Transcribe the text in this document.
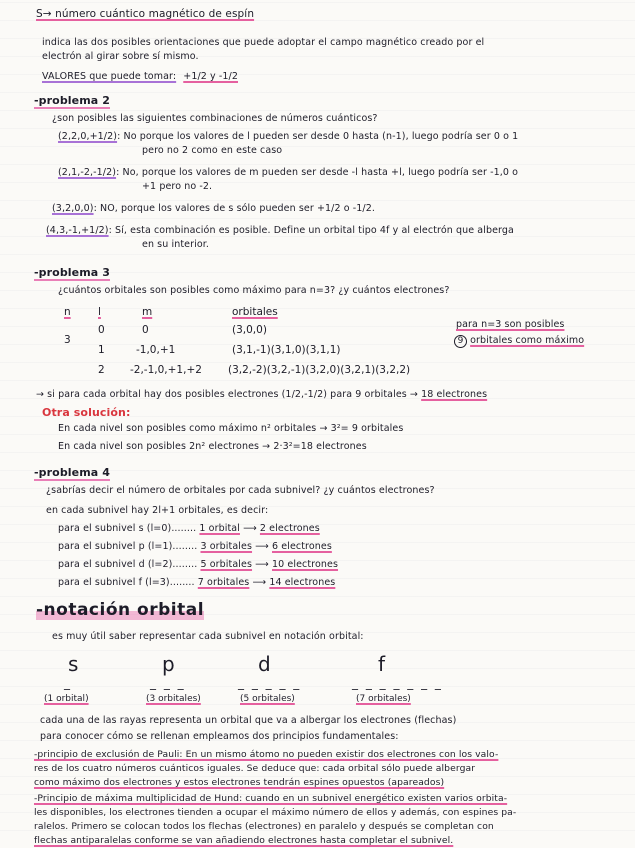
S→ número cuántico magnético de espín
indica las dos posibles orientaciones que puede adoptar el campo magnético creado por el
electrón al girar sobre sí mismo.
VALORES que puede tomar: +1/2 y -1/2
-problema 2
¿son posibles las siguientes combinaciones de números cuánticos?
(2,2,0,+1/2): No porque los valores de l pueden ser desde 0 hasta (n-1), luego podría ser 0 o 1
pero no 2 como en este caso
(2,1,-2,-1/2): No, porque los valores de m pueden ser desde -l hasta +l, luego podría ser -1,0 o
+1 pero no -2.
(3,2,0,0): NO, porque los valores de s sólo pueden ser +1/2 o -1/2.
(4,3,-1,+1/2): Sí, esta combinación es posible. Define un orbital tipo 4f y al electrón que alberga
en su interior.
-problema 3
¿cuántos orbitales son posibles como máximo para n=3? ¿y cuántos electrones?
n	l	m	orbitales
3
0	0	(3,0,0)
1	-1,0,+1	(3,1,-1)(3,1,0)(3,1,1)
2 -2,-1,0,+1,+2 (3,2,-2)(3,2,-1)(3,2,0)(3,2,1)(3,2,2)
para n=3 son posibles
9 orbitales como máximo
→ si para cada orbital hay dos posibles electrones (1/2,-1/2) para 9 orbitales → 18 electrones
Otra solución:
En cada nivel son posibles como máximo n² orbitales → 3²= 9 orbitales
En cada nivel son posibles 2n² electrones → 2·3²=18 electrones
-problema 4
¿sabrías decir el número de orbitales por cada subnivel? ¿y cuántos electrones?
en cada subnivel hay 2l+1 orbitales, es decir:
para el subnivel s (l=0)........ 1 orbital ⟶ 2 electrones
para el subnivel p (l=1)........ 3 orbitales ⟶ 6 electrones
para el subnivel d (l=2)........ 5 orbitales ⟶ 10 electrones
para el subnivel f (l=3)........ 7 orbitales ⟶ 14 electrones
-notación orbital
es muy útil saber representar cada subnivel en notación orbital:
s	p	d	f
_	_ _ _	_ _ _ _ _	_ _ _ _ _ _ _
(1 orbital)	(3 orbitales)	(5 orbitales)	(7 orbitales)
cada una de las rayas representa un orbital que va a albergar los electrones (flechas)
para conocer cómo se rellenan empleamos dos principios fundamentales:
-principio de exclusión de Pauli: En un mismo átomo no pueden existir dos electrones con los valo-
res de los cuatro números cuánticos iguales. Se deduce que: cada orbital sólo puede albergar
como máximo dos electrones y estos electrones tendrán espines opuestos (apareados)
-Principio de máxima multiplicidad de Hund: cuando en un subnivel energético existen varios orbita-
les disponibles, los electrones tienden a ocupar el máximo número de ellos y además, con espines pa-
ralelos. Primero se colocan todos los flechas (electrones) en paralelo y después se completan con
flechas antiparalelas conforme se van añadiendo electrones hasta completar el subnivel.
